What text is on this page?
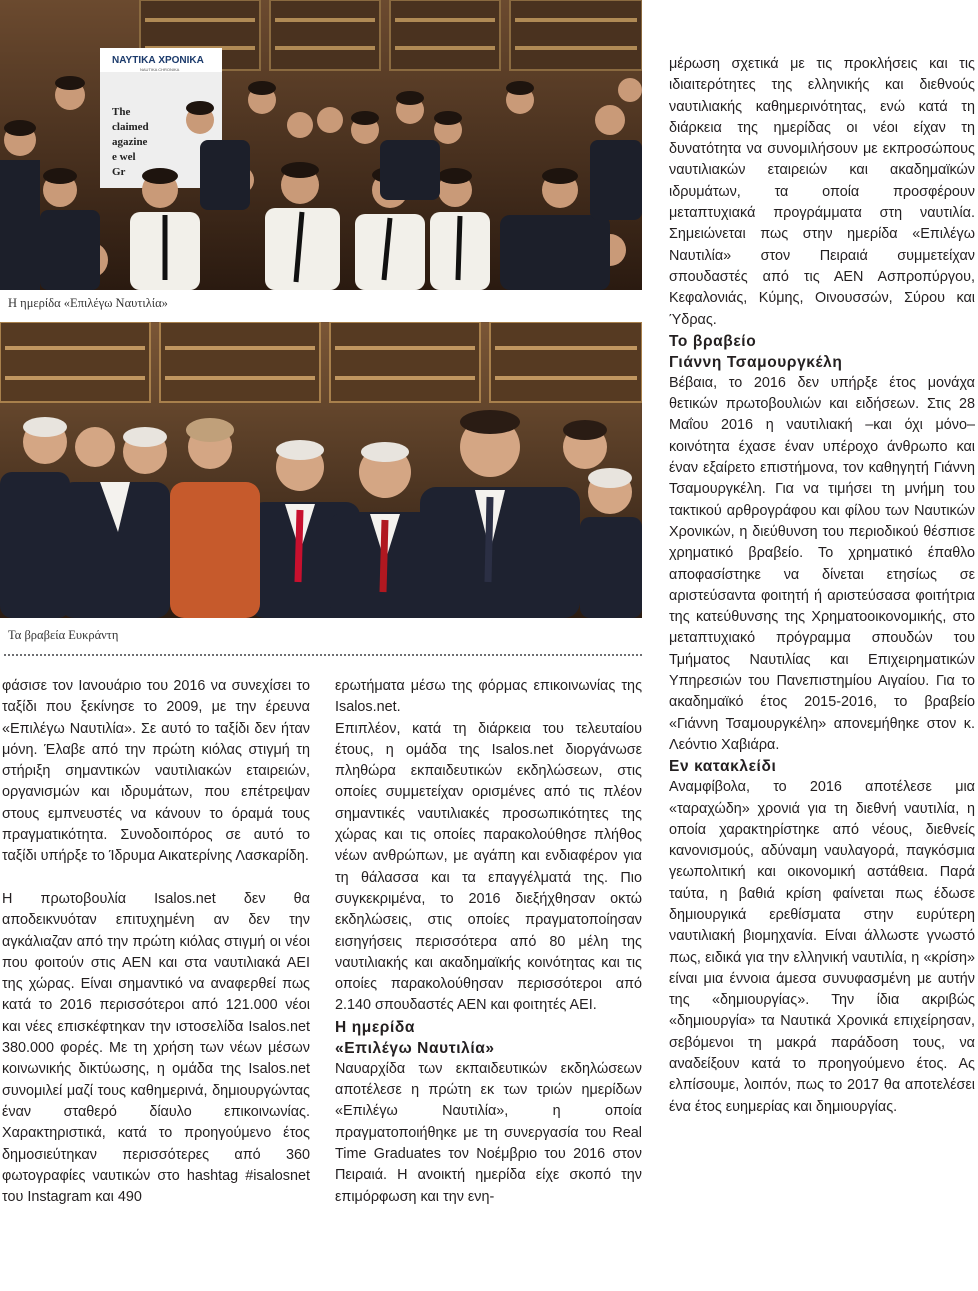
ΝΑΥΤΙΚΑ ΧΡΟΝΙΚΑ
NAUTIKA CHRONIKA
The
claimed
agazine
e wel
Gr

Η ημερίδα «Επιλέγω Ναυτιλία»

Τα βραβεία Ευκράντη

φάσισε τον Ιανουάριο του 2016 να συνεχίσει το ταξίδι που ξεκίνησε το 2009, με την έρευνα «Επιλέγω Ναυτιλία». Σε αυτό το ταξίδι δεν ήταν μόνη. Έλαβε από την πρώτη κιόλας στιγμή τη στήριξη σημαντικών ναυτιλιακών εταιρειών, οργανισμών και ιδρυμάτων, που επέτρεψαν στους εμπνευστές να κάνουν το όραμά τους πραγματικότητα. Συνοδοιπόρος σε αυτό το ταξίδι υπήρξε το Ίδρυμα Αικατερίνης Λασκαρίδη.

Η πρωτοβουλία Isalos.net δεν θα αποδεικνυόταν επιτυχημένη αν δεν την αγκάλιαζαν από την πρώτη κιόλας στιγμή οι νέοι που φοιτούν στις ΑΕΝ και στα ναυτιλιακά ΑΕΙ της χώρας. Είναι σημαντικό να αναφερθεί πως κατά το 2016 περισσότεροι από 121.000 νέοι και νέες επισκέφτηκαν την ιστοσελίδα Isalos.net 380.000 φορές. Με τη χρήση των νέων μέσων κοινωνικής δικτύωσης, η ομάδα της Isalos.net συνομιλεί μαζί τους καθημερινά, δημιουργώντας έναν σταθερό δίαυλο επικοινωνίας. Χαρακτηριστικά, κατά το προηγούμενο έτος δημοσιεύτηκαν περισσότερες από 360 φωτογραφίες ναυτικών στο hashtag #isalosnet του Instagram και 490

ερωτήματα μέσω της φόρμας επικοινωνίας της Isalos.net.

Επιπλέον, κατά τη διάρκεια του τελευταίου έτους, η ομάδα της Isalos.net διοργάνωσε πληθώρα εκπαιδευτικών εκδηλώσεων, στις οποίες συμμετείχαν ορισμένες από τις πλέον σημαντικές ναυτιλιακές προσωπικότητες της χώρας και τις οποίες παρακολούθησε πλήθος νέων ανθρώπων, με αγάπη και ενδιαφέρον για τη θάλασσα και τα επαγγέλματά της. Πιο συγκεκριμένα, το 2016 διεξήχθησαν οκτώ εκδηλώσεις, στις οποίες πραγματοποίησαν εισηγήσεις περισσότερα από 80 μέλη της ναυτιλιακής και ακαδημαϊκής κοινότητας και τις οποίες παρακολούθησαν περισσότεροι από 2.140 σπουδαστές ΑΕΝ και φοιτητές ΑΕΙ.

Η ημερίδα
«Επιλέγω Ναυτιλία»

Ναυαρχίδα των εκπαιδευτικών εκδηλώσεων αποτέλεσε η πρώτη εκ των τριών ημερίδων «Επιλέγω Ναυτιλία», η οποία πραγματοποιήθηκε με τη συνεργασία του Real Time Graduates τον Νοέμβριο του 2016 στον Πειραιά. Η ανοικτή ημερίδα είχε σκοπό την επιμόρφωση και την ενη-

μέρωση σχετικά με τις προκλήσεις και τις ιδιαιτερότητες της ελληνικής και διεθνούς ναυτιλιακής καθημερινότητας, ενώ κατά τη διάρκεια της ημερίδας οι νέοι είχαν τη δυνατότητα να συνομιλήσουν με εκπροσώπους ναυτιλιακών εταιρειών και ακαδημαϊκών ιδρυμάτων, τα οποία προσφέρουν μεταπτυχιακά προγράμματα στη ναυτιλία. Σημειώνεται πως στην ημερίδα «Επιλέγω Ναυτιλία» στον Πειραιά συμμετείχαν σπουδαστές από τις ΑΕΝ Ασπροπύργου, Κεφαλονιάς, Κύμης, Οινουσσών, Σύρου και Ύδρας.

Το βραβείο
Γιάννη Τσαμουργκέλη

Βέβαια, το 2016 δεν υπήρξε έτος μονάχα θετικών πρωτοβουλιών και ειδήσεων. Στις 28 Μαΐου 2016 η ναυτιλιακή –και όχι μόνο– κοινότητα έχασε έναν υπέροχο άνθρωπο και έναν εξαίρετο επιστήμονα, τον καθηγητή Γιάννη Τσαμουργκέλη. Για να τιμήσει τη μνήμη του τακτικού αρθρογράφου και φίλου των Ναυτικών Χρονικών, η διεύθυνση του περιοδικού θέσπισε χρηματικό βραβείο. Το χρηματικό έπαθλο αποφασίστηκε να δίνεται ετησίως σε αριστεύσαντα φοιτητή ή αριστεύσασα φοιτήτρια της κατεύθυνσης της Χρηματοοικονομικής, στο μεταπτυχιακό πρόγραμμα σπουδών του Τμήματος Ναυτιλίας και Επιχειρηματικών Υπηρεσιών του Πανεπιστημίου Αιγαίου. Για το ακαδημαϊκό έτος 2015-2016, το βραβείο «Γιάννη Τσαμουργκέλη» απονεμήθηκε στον κ. Λεόντιο Χαβιάρα.

Εν κατακλείδι

Αναμφίβολα, το 2016 αποτέλεσε μια «ταραχώδη» χρονιά για τη διεθνή ναυτιλία, η οποία χαρακτηρίστηκε από νέους, διεθνείς κανονισμούς, αδύναμη ναυλαγορά, παγκόσμια γεωπολιτική και οικονομική αστάθεια. Παρά ταύτα, η βαθιά κρίση φαίνεται πως έδωσε δημιουργικά ερεθίσματα στην ευρύτερη ναυτιλιακή βιομηχανία. Είναι άλλωστε γνωστό πως, ειδικά για την ελληνική ναυτιλία, η «κρίση» είναι μια έννοια άμεσα συνυφασμένη με αυτήν της «δημιουργίας». Την ίδια ακριβώς «δημιουργία» τα Ναυτικά Χρονικά επιχείρησαν, σεβόμενοι τη μακρά παράδοση τους, να αναδείξουν κατά το προηγούμενο έτος. Ας ελπίσουμε, λοιπόν, πως το 2017 θα αποτελέσει ένα έτος ευημερίας και δημιουργίας.
